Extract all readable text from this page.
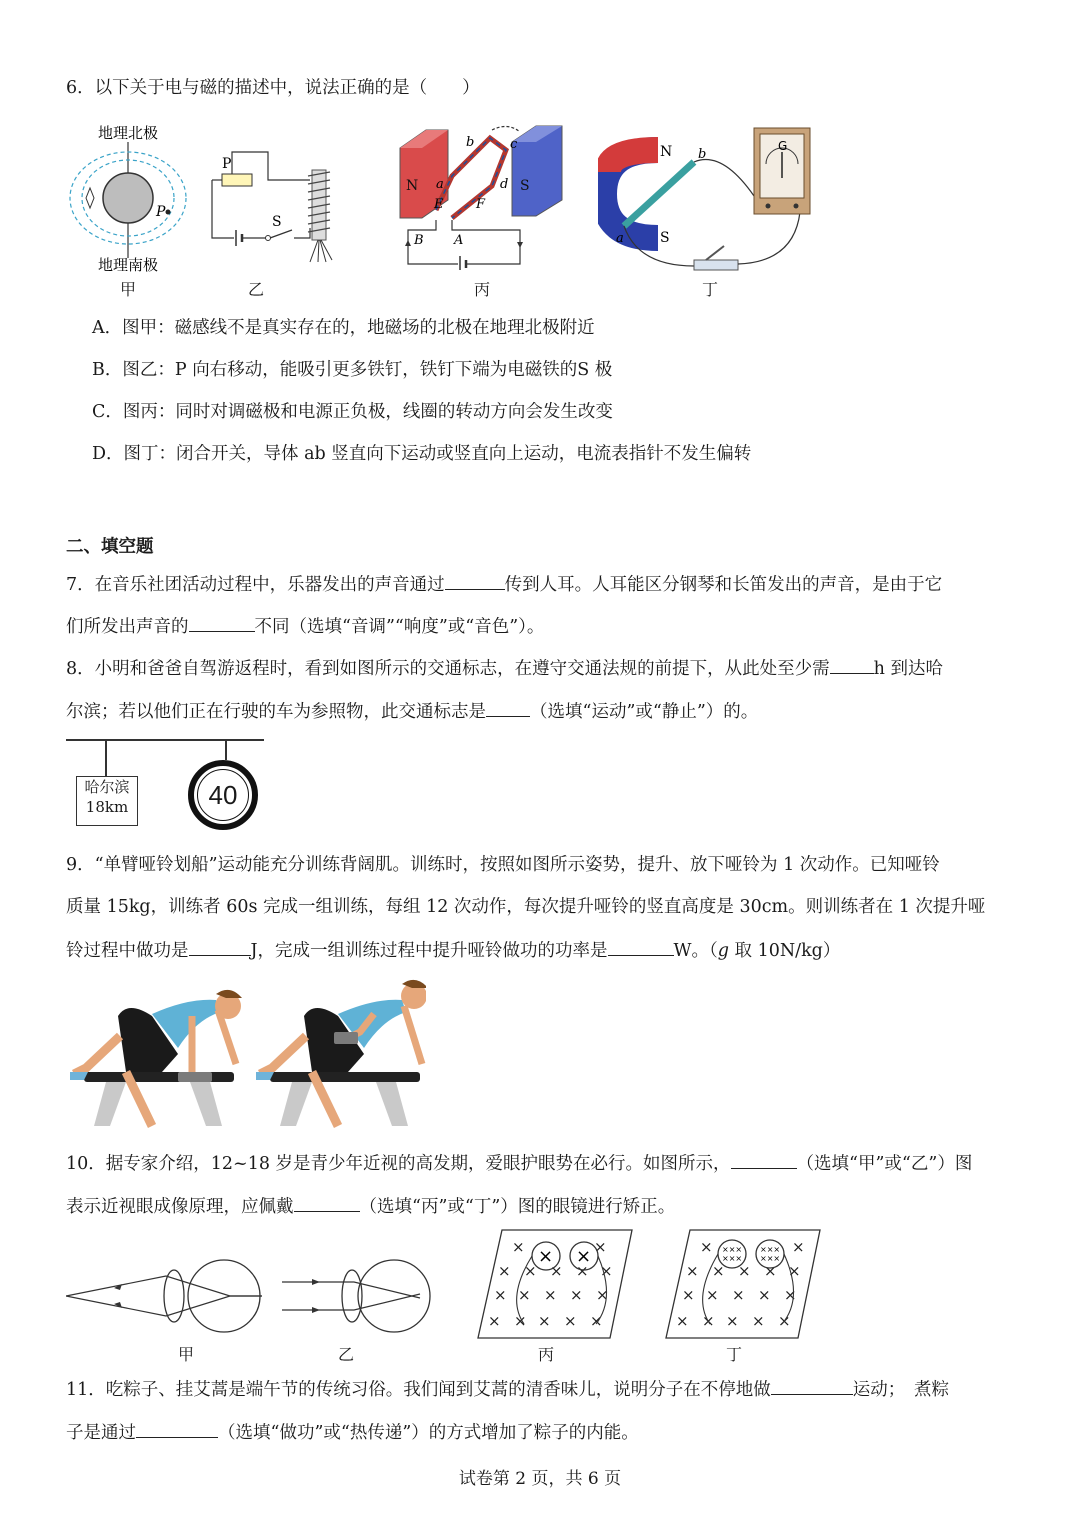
6．以下关于电与磁的描述中，说法正确的是（　　）
地理北极
P
地理南极
甲
P
S
乙
N	S
b	c
a	d
E	F
B A
丙
N
S
a
b
G
丁
A．图甲：磁感线不是真实存在的，地磁场的北极在地理北极附近
B．图乙：P 向右移动，能吸引更多铁钉，铁钉下端为电磁铁的S 极
C．图丙：同时对调磁极和电源正负极，线圈的转动方向会发生改变
D．图丁：闭合开关，导体 ab 竖直向下运动或竖直向上运动，电流表指针不发生偏转
二、填空题
7．在音乐社团活动过程中，乐器发出的声音通过	传到人耳。人耳能区分钢琴和长笛发出的声音，是由于它
们所发出声音的	不同（选填“音调”“响度”或“音色”）。
8．小明和爸爸自驾游返程时，看到如图所示的交通标志，在遵守交通法规的前提下，从此处至少需	h 到达哈
尔滨；若以他们正在行驶的车为参照物，此交通标志是	（选填“运动”或“静止”）的。
哈尔滨
18km	40
9．“单臂哑铃划船”运动能充分训练背阔肌。训练时，按照如图所示姿势，提升、放下哑铃为 1 次动作。已知哑铃
质量 15kg，训练者 60s 完成一组训练，每组 12 次动作，每次提升哑铃的竖直高度是 30cm。则训练者在 1 次提升哑
铃过程中做功是	J，完成一组训练过程中提升哑铃做功的功率是	W。（g 取 10N/kg）
10．据专家介绍，12~18 岁是青少年近视的高发期，爱眼护眼势在必行。如图所示，	（选填“甲”或“乙”）图
表示近视眼成像原理，应佩戴	（选填“丙”或“丁”）图的眼镜进行矫正。
甲	乙
×	×
× × × × ×
× × × × ×
× × × × ×
× ×
丙
×	×
× × × × ×
× × × × ×
× × × × ×
×××
×××
×××
×××
丁
11．吃粽子、挂艾蒿是端午节的传统习俗。我们闻到艾蒿的清香味儿，说明分子在不停地做	运动；　煮粽
子是通过	（选填“做功”或“热传递”）的方式增加了粽子的内能。
试卷第 2 页，共 6 页
